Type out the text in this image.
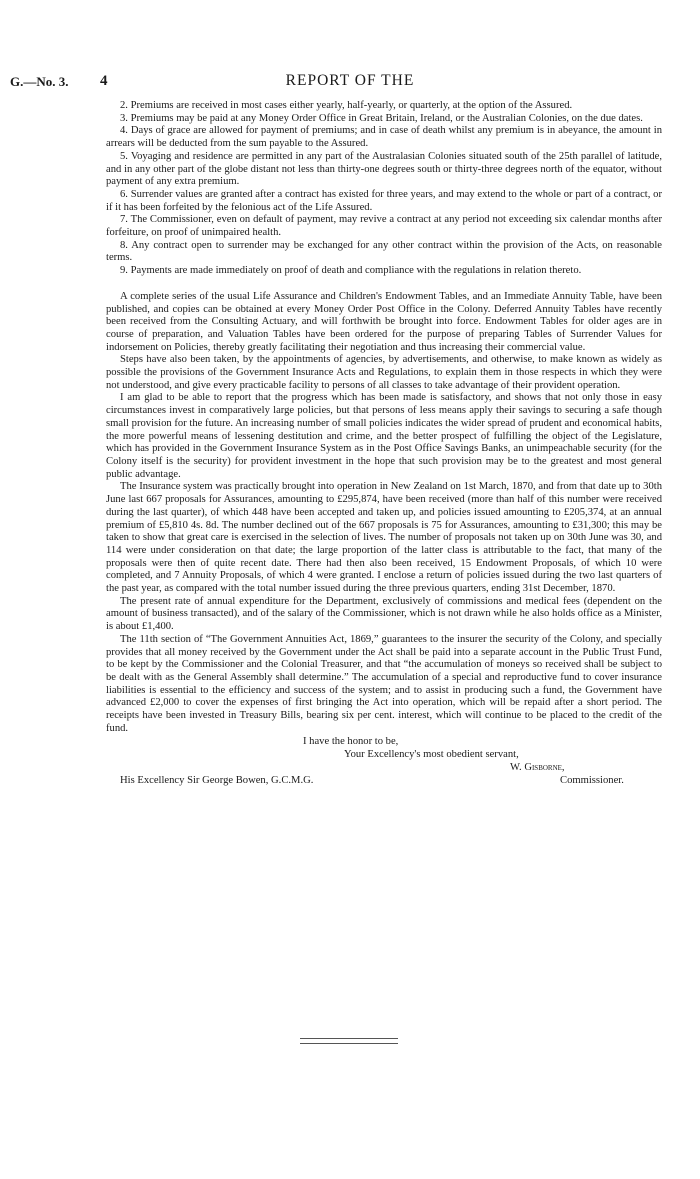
G.—No. 3. 4	REPORT OF THE

2. Premiums are received in most cases either yearly, half-yearly, or quarterly, at the option of the Assured.

3. Premiums may be paid at any Money Order Office in Great Britain, Ireland, or the Australian Colonies, on the due dates.

4. Days of grace are allowed for payment of premiums; and in case of death whilst any premium is in abeyance, the amount in arrears will be deducted from the sum payable to the Assured.

5. Voyaging and residence are permitted in any part of the Australasian Colonies situated south of the 25th parallel of latitude, and in any other part of the globe distant not less than thirty-one degrees south or thirty-three degrees north of the equator, without payment of any extra premium.

6. Surrender values are granted after a contract has existed for three years, and may extend to the whole or part of a contract, or if it has been forfeited by the felonious act of the Life Assured.

7. The Commissioner, even on default of payment, may revive a contract at any period not exceeding six calendar months after forfeiture, on proof of unimpaired health.

8. Any contract open to surrender may be exchanged for any other contract within the provision of the Acts, on reasonable terms.

9. Payments are made immediately on proof of death and compliance with the regulations in relation thereto.

A complete series of the usual Life Assurance and Children's Endowment Tables, and an Immediate Annuity Table, have been published, and copies can be obtained at every Money Order Post Office in the Colony. Deferred Annuity Tables have recently been received from the Consulting Actuary, and will forthwith be brought into force. Endowment Tables for older ages are in course of preparation, and Valuation Tables have been ordered for the purpose of preparing Tables of Surrender Values for indorsement on Policies, thereby greatly facilitating their negotiation and thus increasing their commercial value.

Steps have also been taken, by the appointments of agencies, by advertisements, and otherwise, to make known as widely as possible the provisions of the Government Insurance Acts and Regulations, to explain them in those respects in which they were not understood, and give every practicable facility to persons of all classes to take advantage of their provident operation.

I am glad to be able to report that the progress which has been made is satisfactory, and shows that not only those in easy circumstances invest in comparatively large policies, but that persons of less means apply their savings to securing a safe though small provision for the future. An increasing number of small policies indicates the wider spread of prudent and economical habits, the more powerful means of lessening destitution and crime, and the better prospect of fulfilling the object of the Legislature, which has provided in the Government Insurance System as in the Post Office Savings Banks, an unimpeachable security (for the Colony itself is the security) for provident investment in the hope that such provision may be to the greatest and most general public advantage.

The Insurance system was practically brought into operation in New Zealand on 1st March, 1870, and from that date up to 30th June last 667 proposals for Assurances, amounting to £295,874, have been received (more than half of this number were received during the last quarter), of which 448 have been accepted and taken up, and policies issued amounting to £205,374, at an annual premium of £5,810 4s. 8d. The number declined out of the 667 proposals is 75 for Assurances, amounting to £31,300; this may be taken to show that great care is exercised in the selection of lives. The number of proposals not taken up on 30th June was 30, and 114 were under consideration on that date; the large proportion of the latter class is attributable to the fact, that many of the proposals were then of quite recent date. There had then also been received, 15 Endowment Proposals, of which 10 were completed, and 7 Annuity Proposals, of which 4 were granted. I enclose a return of policies issued during the two last quarters of the past year, as compared with the total number issued during the three previous quarters, ending 31st December, 1870.

The present rate of annual expenditure for the Department, exclusively of commissions and medical fees (dependent on the amount of business transacted), and of the salary of the Commissioner, which is not drawn while he also holds office as a Minister, is about £1,400.

The 11th section of “The Government Annuities Act, 1869,” guarantees to the insurer the security of the Colony, and specially provides that all money received by the Government under the Act shall be paid into a separate account in the Public Trust Fund, to be kept by the Commissioner and the Colonial Treasurer, and that “the accumulation of moneys so received shall be subject to be dealt with as the General Assembly shall determine.” The accumulation of a special and reproductive fund to cover insurance liabilities is essential to the efficiency and success of the system; and to assist in producing such a fund, the Government have advanced £2,000 to cover the expenses of first bringing the Act into operation, which will be repaid after a short period. The receipts have been invested in Treasury Bills, bearing six per cent. interest, which will continue to be placed to the credit of the fund.

I have the honor to be,
Your Excellency's most obedient servant,
W. Gisborne,
His Excellency Sir George Bowen, G.C.M.G.	Commissioner.
